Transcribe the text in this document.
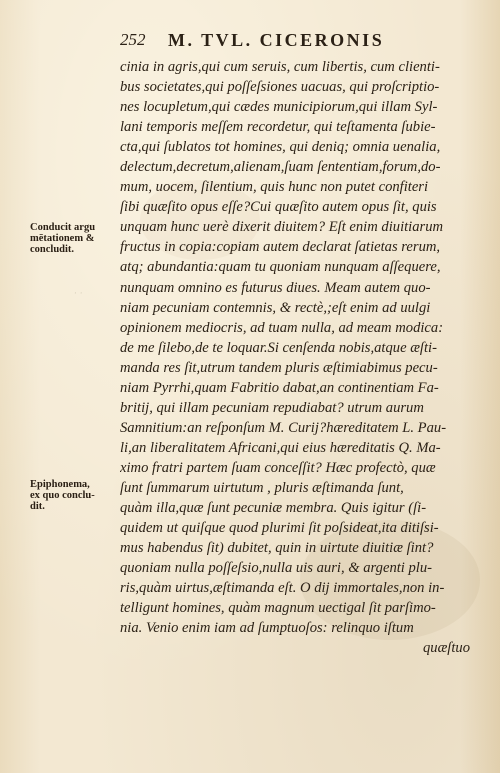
252 M. TVL. CICERONIS
Conducit argu
mētationem &
concludit.
· ·
Epiphonema,
ex quo conclu-
dit.
cinia in agris,qui cum seruis, cum libertis, cum clienti-
bus societates,qui poſſeſsiones uacuas, qui proſcriptio-
nes locupletum,qui cædes municipiorum,qui illam Syl-
lani temporis meſſem recordetur, qui teſtamenta ſubie-
cta,qui ſublatos tot homines, qui deniq; omnia uenalia,
delectum,decretum,alienam,ſuam ſententiam,forum,do-
mum, uocem, ſilentium, quis hunc non putet confiteri
ſibi quæſito opus eſſe?Cui quæſito autem opus ſit, quis
unquam hunc uerè dixerit diuitem? Eſt enim diuitiarum
fructus in copia:copiam autem declarat ſatietas rerum,
atq; abundantia:quam tu quoniam nunquam aſſequere,
nunquam omnino es futurus diues. Meam autem quo-
niam pecuniam contemnis, & rectè,;eſt enim ad uulgi
opinionem mediocris, ad tuam nulla, ad meam modica:
de me ſilebo,de te loquar.Si cenſenda nobis,atque æſti-
manda res ſit,utrum tandem pluris æſtimiabimus pecu-
niam Pyrrhi,quam Fabritio dabat,an continentiam Fa-
britij, qui illam pecuniam repudiabat? utrum aurum
Samnitium:an reſponſum M. Curij?hæreditatem L. Pau-
li,an liberalitatem Africani,qui eius hæreditatis Q. Ma-
ximo fratri partem ſuam conceſſit? Hæc profectò, quæ
ſunt ſummarum uirtutum , pluris æſtimanda ſunt,
quàm illa,quæ ſunt pecuniæ membra. Quis igitur (ſi-
quidem ut quiſque quod plurimi ſit poſsideat,ita ditiſsi-
mus habendus ſit) dubitet, quin in uirtute diuitiæ ſint?
quoniam nulla poſſeſsio,nulla uis auri, & argenti plu-
ris,quàm uirtus,æſtimanda eſt. O dij immortales,non in-
telligunt homines, quàm magnum uectigal ſit parſimo-
nia. Venio enim iam ad ſumptuoſos: relinquo iſtum
quæſtuo
